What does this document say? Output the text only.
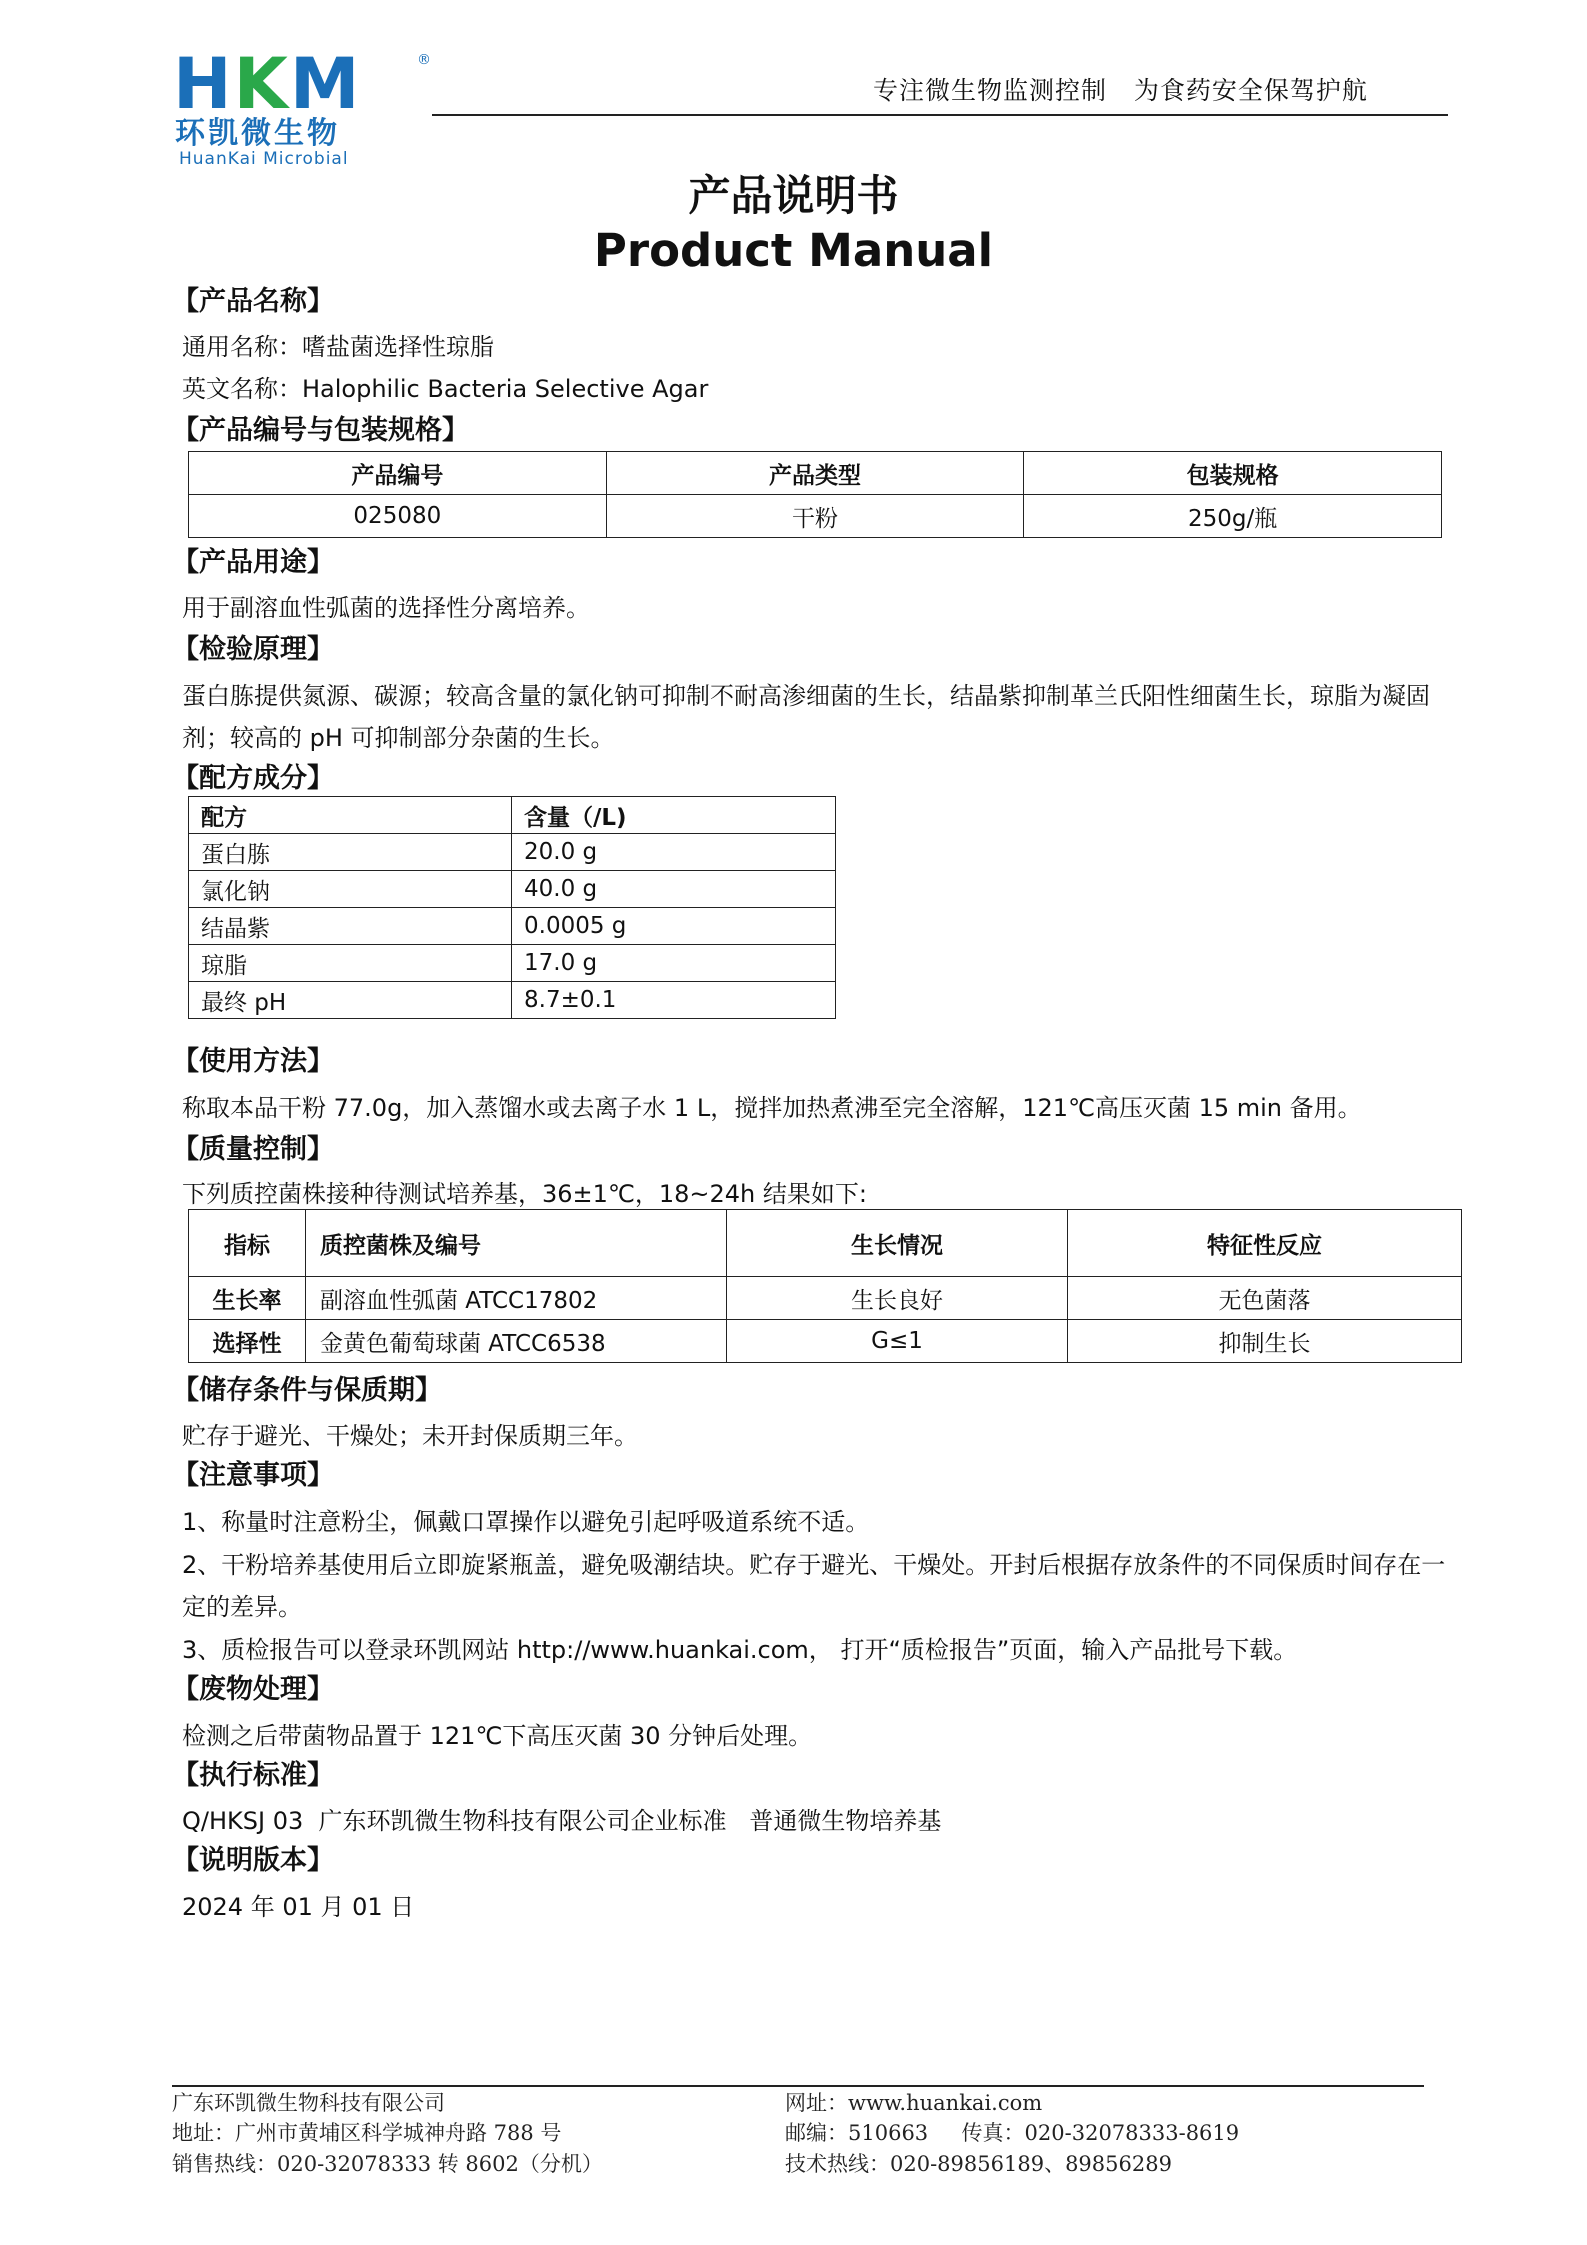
HKM	®
环凯微生物
HuanKai Microbial
专注微生物监测控制   为食药安全保驾护航
产品说明书
Product Manual
【产品名称】
通用名称：嗜盐菌选择性琼脂
英文名称：Halophilic Bacteria Selective Agar
【产品编号与包装规格】
产品编号	产品类型	包装规格
025080	干粉	250g/瓶
【产品用途】
用于副溶血性弧菌的选择性分离培养。
【检验原理】
蛋白胨提供氮源、碳源；较高含量的氯化钠可抑制不耐高渗细菌的生长，结晶紫抑制革兰氏阳性细菌生长，琼脂为凝固
剂；较高的 pH 可抑制部分杂菌的生长。
【配方成分】
配方	含量（/L)
蛋白胨	20.0 g
氯化钠	40.0 g
结晶紫	0.0005 g
琼脂	17.0 g
最终 pH	8.7±0.1
【使用方法】
称取本品干粉 77.0g，加入蒸馏水或去离子水 1 L，搅拌加热煮沸至完全溶解，121℃高压灭菌 15 min 备用。
【质量控制】
下列质控菌株接种待测试培养基，36±1℃，18~24h 结果如下:
指标	质控菌株及编号	生长情况	特征性反应
生长率	副溶血性弧菌 ATCC17802	生长良好	无色菌落
选择性	金黄色葡萄球菌 ATCC6538	G≤1	抑制生长
【储存条件与保质期】
贮存于避光、干燥处；未开封保质期三年。
【注意事项】
1、称量时注意粉尘，佩戴口罩操作以避免引起呼吸道系统不适。
2、干粉培养基使用后立即旋紧瓶盖，避免吸潮结块。贮存于避光、干燥处。开封后根据存放条件的不同保质时间存在一
定的差异。
3、质检报告可以登录环凯网站 http://www.huankai.com， 打开“质检报告”页面，输入产品批号下载。
【废物处理】
检测之后带菌物品置于 121℃下高压灭菌 30 分钟后处理。
【执行标准】
Q/HKSJ 03  广东环凯微生物科技有限公司企业标准   普通微生物培养基
【说明版本】
2024 年 01 月 01 日
广东环凯微生物科技有限公司
地址：广州市黄埔区科学城神舟路 788 号
销售热线：020-32078333 转 8602（分机）
网址：www.huankai.com
邮编：510663     传真：020-32078333-8619
技术热线：020-89856189、89856289
